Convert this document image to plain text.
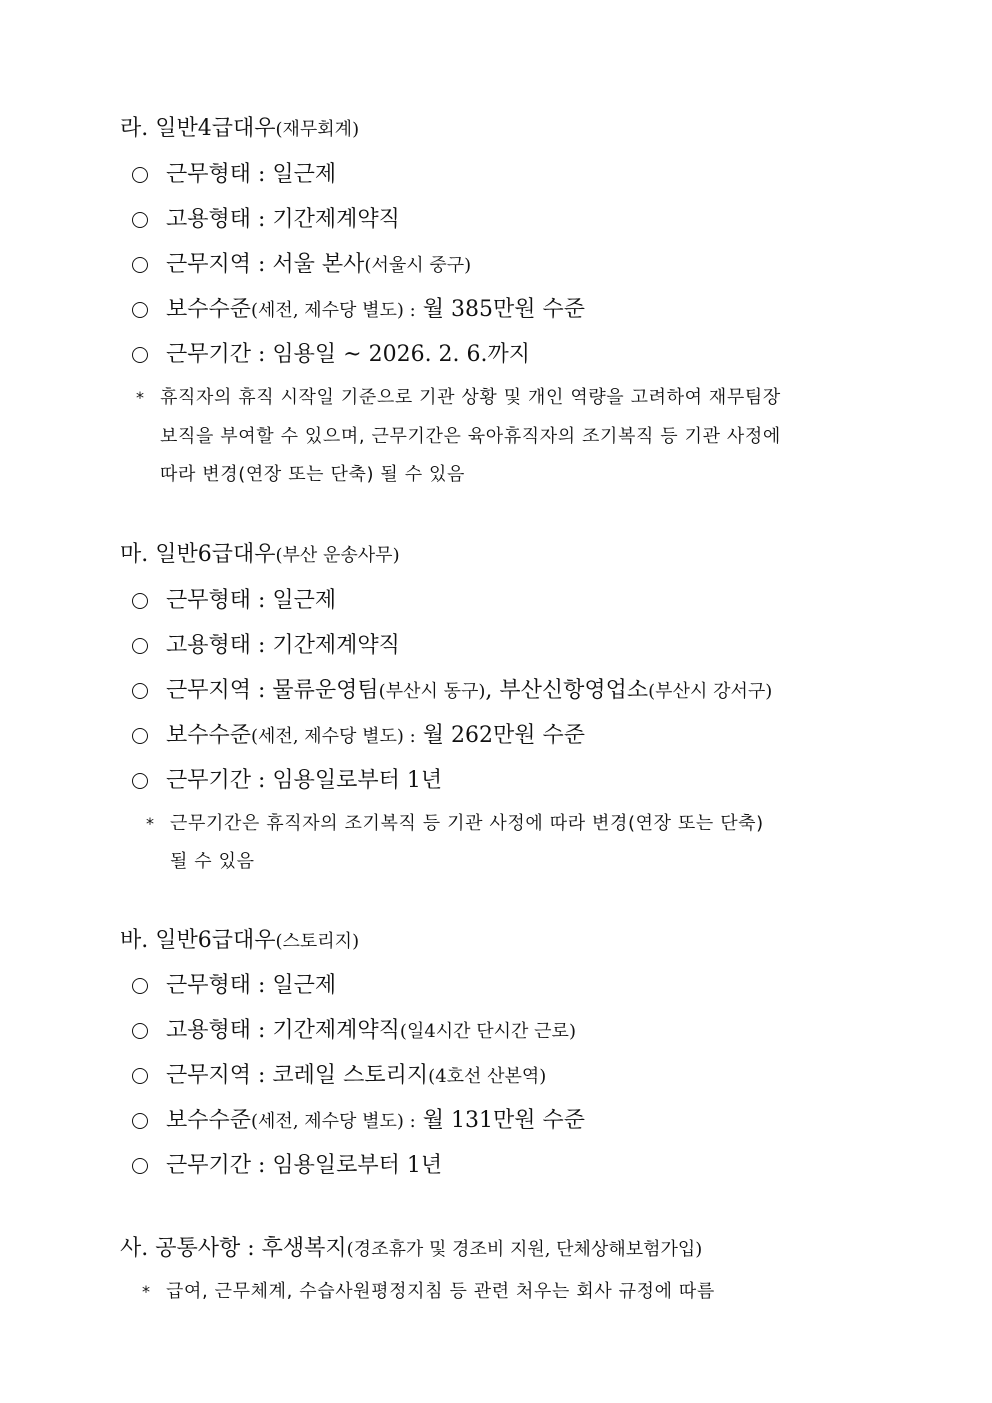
라. 일반4급대우(재무회계)
근무형태 : 일근제
고용형태 : 기간제계약직
근무지역 : 서울 본사(서울시 중구)
보수수준(세전, 제수당 별도) : 월 385만원 수준
근무기간 : 임용일 ~ 2026. 2. 6.까지
* 휴직자의 휴직 시작일 기준으로 기관 상황 및 개인 역량을 고려하여 재무팀장
보직을 부여할 수 있으며, 근무기간은 육아휴직자의 조기복직 등 기관 사정에
따라 변경(연장 또는 단축) 될 수 있음
마. 일반6급대우(부산 운송사무)
근무형태 : 일근제
고용형태 : 기간제계약직
근무지역 : 물류운영팀(부산시 동구), 부산신항영업소(부산시 강서구)
보수수준(세전, 제수당 별도) : 월 262만원 수준
근무기간 : 임용일로부터 1년
* 근무기간은 휴직자의 조기복직 등 기관 사정에 따라 변경(연장 또는 단축)
될 수 있음
바. 일반6급대우(스토리지)
근무형태 : 일근제
고용형태 : 기간제계약직(일4시간 단시간 근로)
근무지역 : 코레일 스토리지(4호선 산본역)
보수수준(세전, 제수당 별도) : 월 131만원 수준
근무기간 : 임용일로부터 1년
사. 공통사항 : 후생복지(경조휴가 및 경조비 지원, 단체상해보험가입)
* 급여, 근무체계, 수습사원평정지침 등 관련 처우는 회사 규정에 따름
